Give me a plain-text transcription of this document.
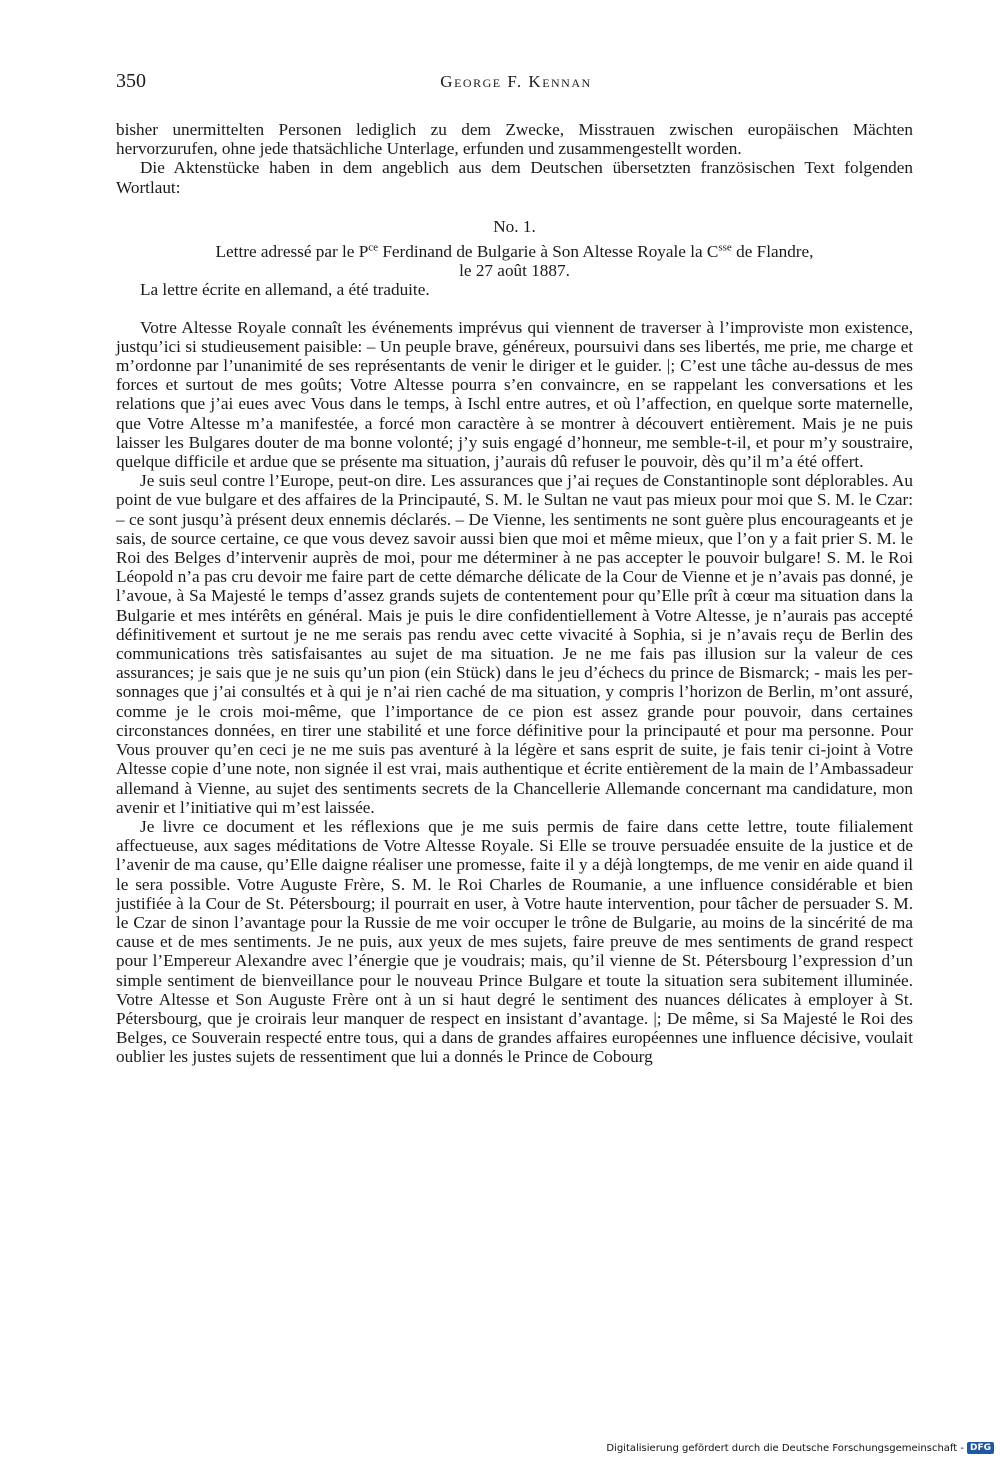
350	George F. Kennan

bisher unermittelten Personen lediglich zu dem Zwecke, Misstrauen zwischen europäischen Mächten hervorzurufen, ohne jede thatsächliche Unterlage, erfunden und zusammengestellt worden.

Die Aktenstücke haben in dem angeblich aus dem Deutschen übersetzten französischen Text folgenden Wortlaut:

No. 1.

Lettre adressé par le $P^{ce}$ Ferdinand de Bulgarie à Son Altesse Royale la $C^{sse}$ de Flandre,

le 27 août 1887.

La lettre écrite en allemand, a été traduite.

Votre Altesse Royale connaît les événements imprévus qui viennent de traverser à l’improviste mon existence, justqu’ici si studieusement paisible: – Un peuple brave, généreux, poursuivi dans ses libertés, me prie, me charge et m’ordonne par l’unanimité de ses représentants de venir le diriger et le guider. |; C’est une tâche au-dessus de mes forces et surtout de mes goûts; Votre Altesse pourra s’en convaincre, en se rappelant les conversations et les relations que j’ai eues avec Vous dans le temps, à Ischl entre autres, et où l’affection, en quelque sorte maternelle, que Votre Altesse m’a manifestée, a forcé mon caractère à se montrer à découvert entièrement. Mais je ne puis laisser les Bulgares douter de ma bonne volonté; j’y suis engagé d’honneur, me semble-t-il, et pour m’y soustraire, quelque difficile et ardue que se présente ma situation, j’aurais dû refuser le pouvoir, dès qu’il m’a été offert.

Je suis seul contre l’Europe, peut-on dire. Les assurances que j’ai reçues de Constantinople sont déplorables. Au point de vue bulgare et des affaires de la Principauté, S. M. le Sultan ne vaut pas mieux pour moi que S. M. le Czar: – ce sont jusqu’à présent deux ennemis déclarés. – De Vienne, les sentiments ne sont guère plus encourageants et je sais, de source certaine, ce que vous devez savoir aussi bien que moi et même mieux, que l’on y a fait prier S. M. le Roi des Belges d’intervenir auprès de moi, pour me déterminer à ne pas accepter le pouvoir bulgare! S. M. le Roi Léopold n’a pas cru devoir me faire part de cette démarche délicate de la Cour de Vienne et je n’avais pas donné, je l’avoue, à Sa Majesté le temps d’assez grands sujets de contentement pour qu’Elle prît à cœur ma situation dans la Bulgarie et mes intérêts en général. Mais je puis le dire confidentiellement à Votre Altesse, je n’aurais pas accepté définitivement et surtout je ne me serais pas rendu avec cette vivacité à Sophia, si je n’avais reçu de Berlin des communications très satisfaisantes au sujet de ma situation. Je ne me fais pas illusion sur la valeur de ces assurances; je sais que je ne suis qu’un pion (ein Stück) dans le jeu d’échecs du prince de Bismarck; - mais les personnages que j’ai consultés et à qui je n’ai rien caché de ma situation, y compris l’horizon de Berlin, m’ont assuré, comme je le crois moi-même, que l’importance de ce pion est assez grande pour pouvoir, dans certaines circonstances données, en tirer une stabilité et une force définitive pour la principauté et pour ma personne. Pour Vous prouver qu’en ceci je ne me suis pas aventuré à la légère et sans esprit de suite, je fais tenir ci-joint à Votre Altesse copie d’une note, non signée il est vrai, mais authentique et écrite entièrement de la main de l’Ambassadeur allemand à Vienne, au sujet des sentiments secrets de la Chancellerie Allemande concernant ma candidature, mon avenir et l’initiative qui m’est laissée.

Je livre ce document et les réflexions que je me suis permis de faire dans cette lettre, toute filialement affectueuse, aux sages méditations de Votre Altesse Royale. Si Elle se trouve persuadée ensuite de la justice et de l’avenir de ma cause, qu’Elle daigne réaliser une promesse, faite il y a déjà longtemps, de me venir en aide quand il le sera possible. Votre Auguste Frère, S. M. le Roi Charles de Roumanie, a une influence considérable et bien justifiée à la Cour de St. Pétersbourg; il pourrait en user, à Votre haute intervention, pour tâcher de persuader S. M. le Czar de sinon l’avantage pour la Russie de me voir occuper le trône de Bulgarie, au moins de la sincérité de ma cause et de mes sentiments. Je ne puis, aux yeux de mes sujets, faire preuve de mes sentiments de grand respect pour l’Empereur Alexandre avec l’énergie que je voudrais; mais, qu’il vienne de St. Pétersbourg l’expression d’un simple sentiment de bienveillance pour le nouveau Prince Bulgare et toute la situation sera subitement illuminée. Votre Altesse et Son Auguste Frère ont à un si haut degré le sentiment des nuances délicates à employer à St. Pétersbourg, que je croirais leur manquer de respect en insistant d’avantage. |; De même, si Sa Majesté le Roi des Belges, ce Souverain respecté entre tous, qui a dans de grandes affaires européennes une influence décisive, voulait oublier les justes sujets de ressentiment que lui a donnés le Prince de Cobourg

Digitalisierung gefördert durch die Deutsche Forschungsgemeinschaft - DFG
